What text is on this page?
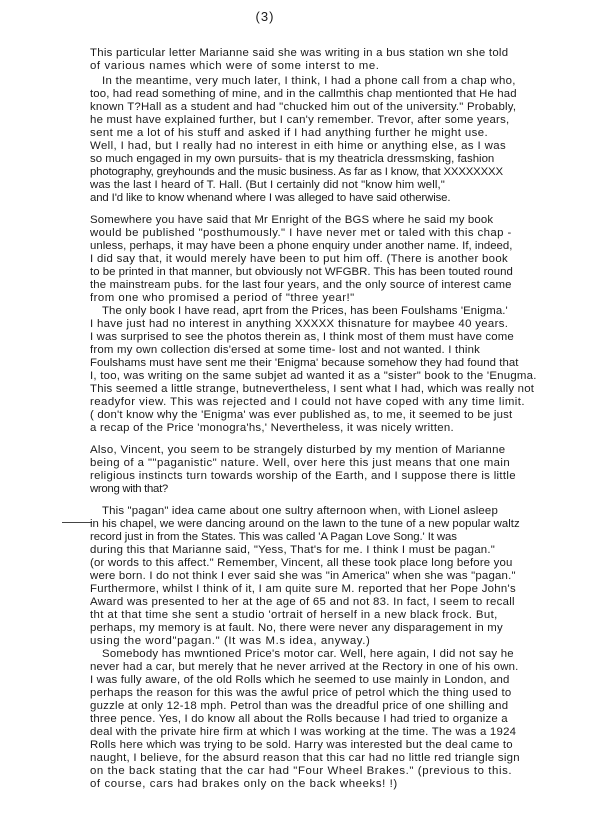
(3)
This particular letter Marianne said she was writing in a bus station wn she told
of various names which were of some interst to me.
In the meantime, very much later, I think, I had a phone call from a chap who,
too, had read something of mine, and in the callmthis chap mentionted that He had
known T?Hall as a student and had "chucked him out of the university." Probably,
he must have explained further, but I can'y remember. Trevor, after some years,
sent me a lot of his stuff and asked if I had anything further he might use.
Well, I had, but I really had no interest in eith hime or anything else, as I was
so much engaged in my own pursuits- that is my theatricla dressmsking, fashion
photography, greyhounds and the music business. As far as I know, that XXXXXXXX
was the last I heard of T. Hall. (But I certainly did not "know him well,"
and I'd like to know whenand where I was alleged to have said otherwise.
Somewhere you have said that Mr Enright of the BGS where he said my book
would be published "posthumously." I have never met or taled with this chap -
unless, perhaps, it may have been a phone enquiry under another name. If, indeed,
I did say that, it would merely have been to put him off. (There is another book
to be printed in that manner, but obviously not WFGBR. This has been touted round
the mainstream pubs. for the last four years, and the only source of interest came
from one who promised a period of "three year!"
The only book I have read, aprt from the Prices, has been Foulshams 'Enigma.'
I have just had no interest in anything XXXXX thisnature for maybee 40 years.
I was surprised to see the photos therein as, I think most of them must have come
from my own collection dis'ersed at some time- lost and not wanted. I think
Foulshams must have sent me their 'Enigma' because somehow they had found that
I, too, was writing on the same subjet ad wanted it as a "sister" book to the 'Enugma.
This seemed a little strange, butnevertheless, I sent what I had, which was really not
readyfor view. This was rejected and I could not have coped with any time limit.
( don't know why the 'Enigma' was ever published as, to me, it seemed to be just
a recap of the Price 'monogra'hs,' Nevertheless, it was nicely written.
Also, Vincent, you seem to be strangely disturbed by my mention of Marianne
being of a ""paganistic" nature. Well, over here this just means that one main
religious instincts turn towards worship of the Earth, and I suppose there is little
wrong with that?
This "pagan" idea came about one sultry afternoon when, with Lionel asleep
in his chapel, we were dancing around on the lawn to the tune of a new popular waltz
record just in from the States. This was called 'A Pagan Love Song.' It was
during this that Marianne said, "Yess, That's for me. I think I must be pagan."
(or words to this affect." Remember, Vincent, all these took place long before you
were born. I do not think I ever said she was "in America" when she was "pagan."
Furthermore, whilst I think of it, I am quite sure M. reported that her Pope John's
Award was presented to her at the age of 65 and not 83. In fact, I seem to recall
tht at that time she sent a studio 'ortrait of herself in a new black frock. But,
perhaps, my memory is at fault. No, there were never any disparagement in my
using the word"pagan." (It was M.s idea, anyway.)
Somebody has mwntioned Price's motor car. Well, here again, I did not say he
never had a car, but merely that he never arrived at the Rectory in one of his own.
I was fully aware, of the old Rolls which he seemed to use mainly in London, and
perhaps the reason for this was the awful price of petrol which the thing used to
guzzle at only 12-18 mph. Petrol than was the dreadful price of one shilling and
three pence. Yes, I do know all about the Rolls because I had tried to organize a
deal with the private hire firm at which I was working at the time. The was a 1924
Rolls here which was trying to be sold. Harry was interested but the deal came to
naught, I believe, for the absurd reason that this car had no little red triangle sign
on the back stating that the car had "Four Wheel Brakes." (previous to this.
of course, cars had brakes only on the back wheeks! !)
